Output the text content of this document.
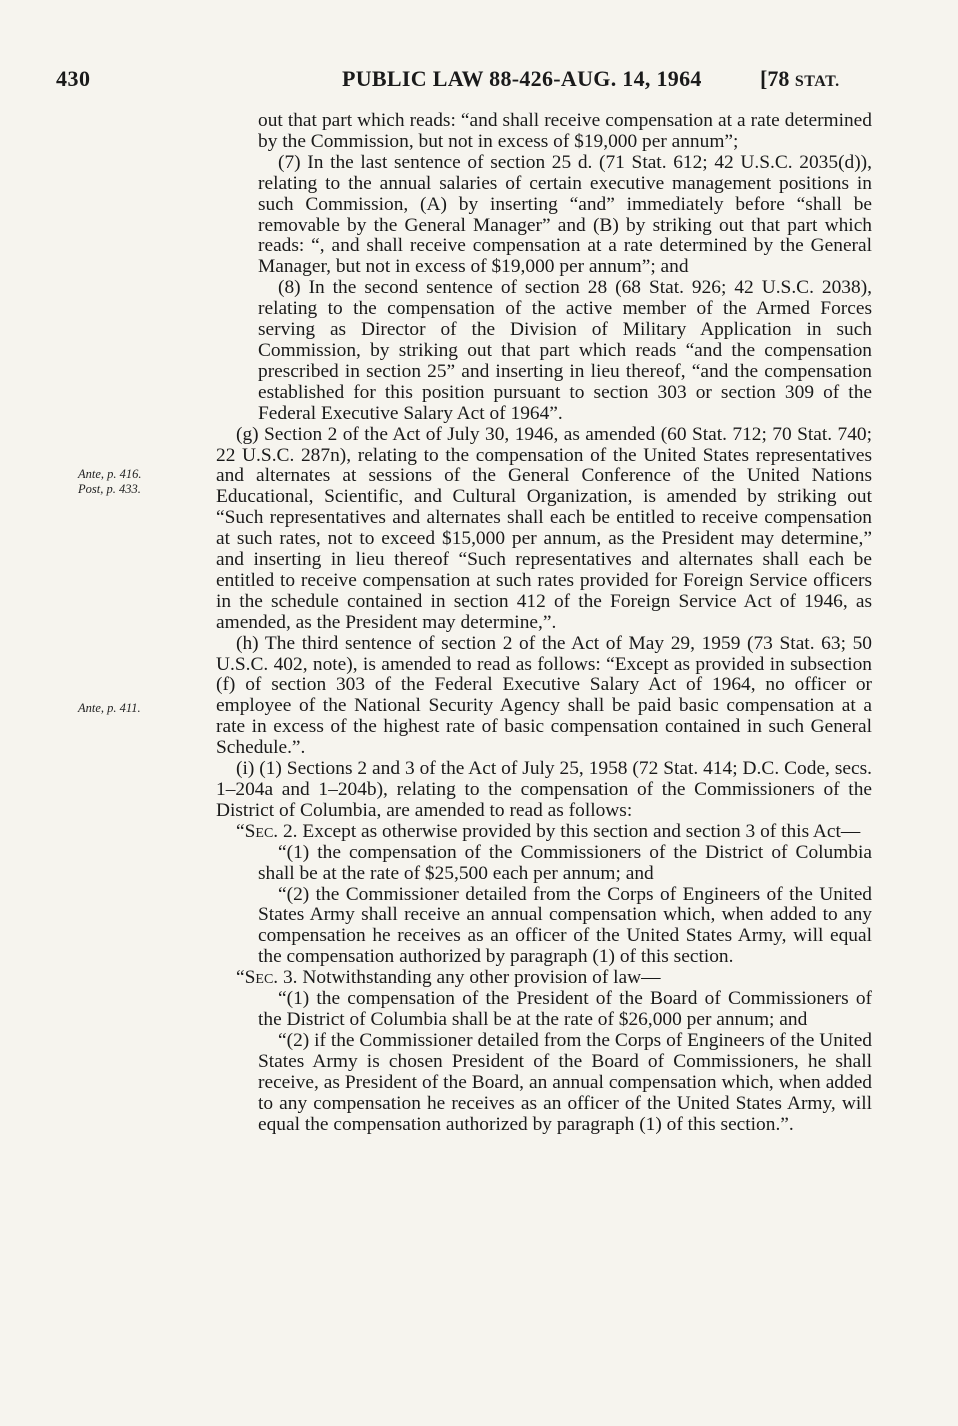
430	PUBLIC LAW 88-426-AUG. 14, 1964	[78 STAT.
Ante, p. 416.
Post, p. 433.
Ante, p. 411.

out that part which reads: “and shall receive compensation at a rate determined by the Commission, but not in excess of $19,000 per annum”;

(7) In the last sentence of section 25 d. (71 Stat. 612; 42 U.S.C. 2035(d)), relating to the annual salaries of certain executive management positions in such Commission, (A) by inserting “and” immediately before “shall be removable by the General Manager” and (B) by striking out that part which reads: “, and shall receive compensation at a rate determined by the General Manager, but not in excess of $19,000 per annum”; and

(8) In the second sentence of section 28 (68 Stat. 926; 42 U.S.C. 2038), relating to the compensation of the active member of the Armed Forces serving as Director of the Division of Military Application in such Commission, by striking out that part which reads “and the compensation prescribed in section 25” and inserting in lieu thereof, “and the compensation established for this position pursuant to section 303 or section 309 of the Federal Executive Salary Act of 1964”.

(g) Section 2 of the Act of July 30, 1946, as amended (60 Stat. 712; 70 Stat. 740; 22 U.S.C. 287n), relating to the compensation of the United States representatives and alternates at sessions of the General Conference of the United Nations Educational, Scientific, and Cultural Organization, is amended by striking out “Such representatives and alternates shall each be entitled to receive compensation at such rates, not to exceed $15,000 per annum, as the President may determine,” and inserting in lieu thereof “Such representatives and alternates shall each be entitled to receive compensation at such rates provided for Foreign Service officers in the schedule contained in section 412 of the Foreign Service Act of 1946, as amended, as the President may determine,”.

(h) The third sentence of section 2 of the Act of May 29, 1959 (73 Stat. 63; 50 U.S.C. 402, note), is amended to read as follows: “Except as provided in subsection (f) of section 303 of the Federal Executive Salary Act of 1964, no officer or employee of the National Security Agency shall be paid basic compensation at a rate in excess of the highest rate of basic compensation contained in such General Schedule.”.

(i) (1) Sections 2 and 3 of the Act of July 25, 1958 (72 Stat. 414; D.C. Code, secs. 1–204a and 1–204b), relating to the compensation of the Commissioners of the District of Columbia, are amended to read as follows:

“Sec. 2. Except as otherwise provided by this section and section 3 of this Act—

“(1) the compensation of the Commissioners of the District of Columbia shall be at the rate of $25,500 each per annum; and

“(2) the Commissioner detailed from the Corps of Engineers of the United States Army shall receive an annual compensation which, when added to any compensation he receives as an officer of the United States Army, will equal the compensation authorized by paragraph (1) of this section.

“Sec. 3. Notwithstanding any other provision of law—

“(1) the compensation of the President of the Board of Commissioners of the District of Columbia shall be at the rate of $26,000 per annum; and

“(2) if the Commissioner detailed from the Corps of Engineers of the United States Army is chosen President of the Board of Commissioners, he shall receive, as President of the Board, an annual compensation which, when added to any compensation he receives as an officer of the United States Army, will equal the compensation authorized by paragraph (1) of this section.”.
